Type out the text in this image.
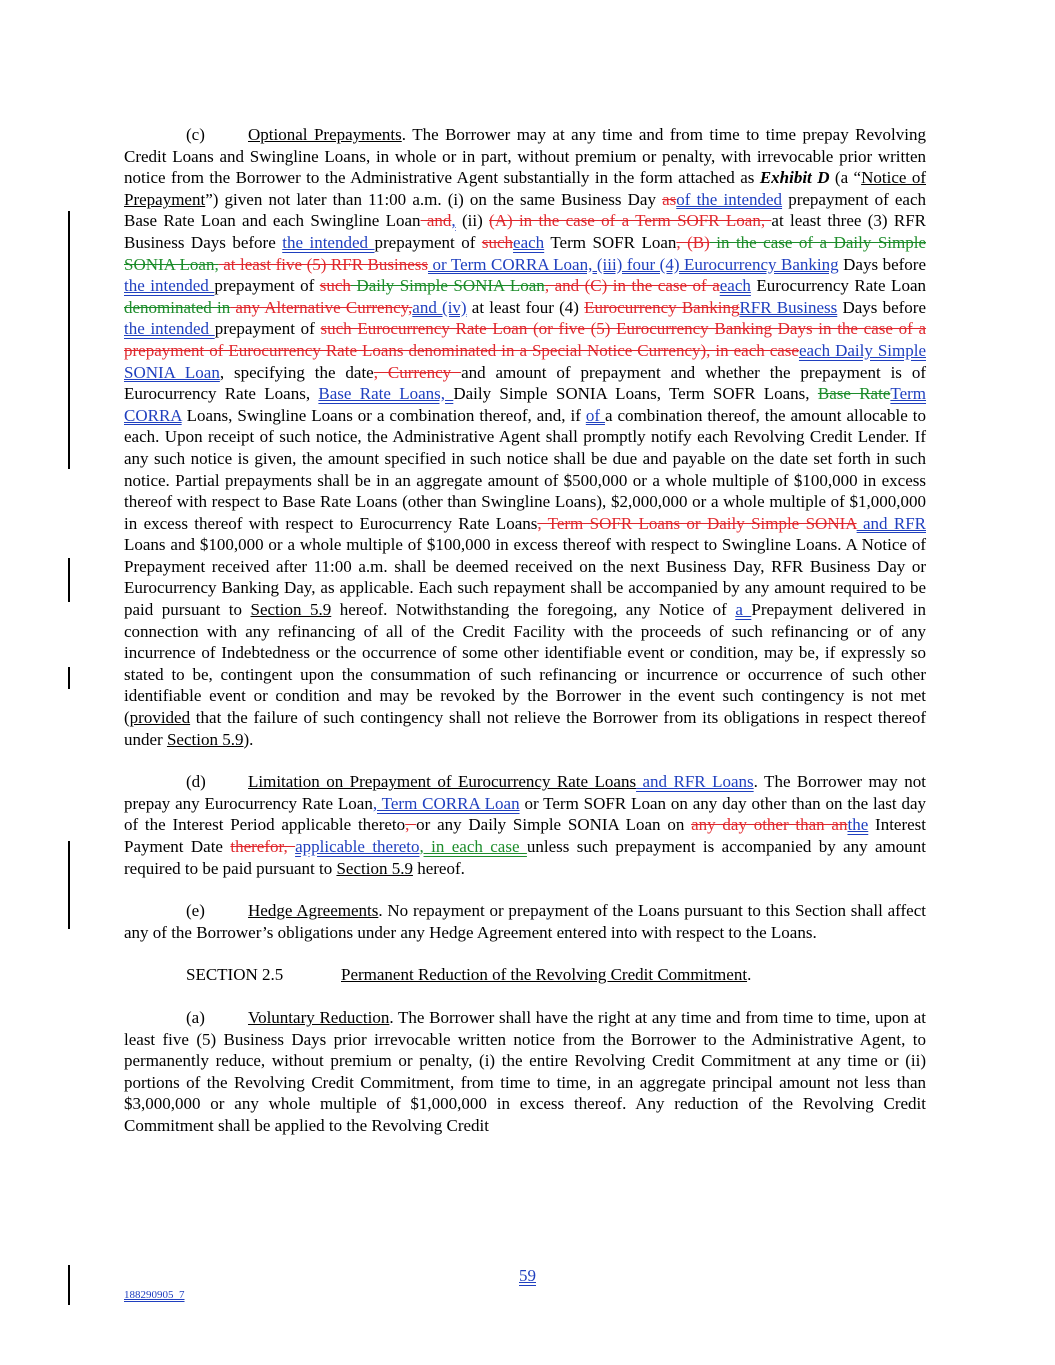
(c)	Optional Prepayments. The Borrower may at any time and from time to time prepay Revolving Credit Loans and Swingline Loans, in whole or in part, without premium or penalty, with irrevocable prior written notice from the Borrower to the Administrative Agent substantially in the form attached as Exhibit D (a “Notice of Prepayment”) given not later than 11:00 a.m. (i) on the same Business Day asof the intended prepayment of each Base Rate Loan and each Swingline Loan and, (ii) (A) in the case of a Term SOFR Loan, at least three (3) RFR Business Days before the intended prepayment of sucheach Term SOFR Loan, (B) in the case of a Daily Simple SONIA Loan, at least five (5) RFR Business or Term CORRA Loan, (iii) four (4) Eurocurrency Banking Days before the intended prepayment of such Daily Simple SONIA Loan, and (C) in the case of aeach Eurocurrency Rate Loan denominated in any Alternative Currency,and (iv) at least four (4) Eurocurrency BankingRFR Business Days before the intended prepayment of such Eurocurrency Rate Loan (or five (5) Eurocurrency Banking Days in the case of a prepayment of Eurocurrency Rate Loans denominated in a Special Notice Currency), in each caseeach Daily Simple SONIA Loan, specifying the date, Currency and amount of prepayment and whether the prepayment is of Eurocurrency Rate Loans, Base Rate Loans, Daily Simple SONIA Loans, Term SOFR Loans, Base RateTerm CORRA Loans, Swingline Loans or a combination thereof, and, if of a combination thereof, the amount allocable to each. Upon receipt of such notice, the Administrative Agent shall promptly notify each Revolving Credit Lender. If any such notice is given, the amount specified in such notice shall be due and payable on the date set forth in such notice. Partial prepayments shall be in an aggregate amount of $500,000 or a whole multiple of $100,000 in excess thereof with respect to Base Rate Loans (other than Swingline Loans), $2,000,000 or a whole multiple of $1,000,000 in excess thereof with respect to Eurocurrency Rate Loans, Term SOFR Loans or Daily Simple SONIA and RFR Loans and $100,000 or a whole multiple of $100,000 in excess thereof with respect to Swingline Loans. A Notice of Prepayment received after 11:00 a.m. shall be deemed received on the next Business Day, RFR Business Day or Eurocurrency Banking Day, as applicable. Each such repayment shall be accompanied by any amount required to be paid pursuant to Section 5.9 hereof. Notwithstanding the foregoing, any Notice of a Prepayment delivered in connection with any refinancing of all of the Credit Facility with the proceeds of such refinancing or of any incurrence of Indebtedness or the occurrence of some other identifiable event or condition, may be, if expressly so stated to be, contingent upon the consummation of such refinancing or incurrence or occurrence of such other identifiable event or condition and may be revoked by the Borrower in the event such contingency is not met (provided that the failure of such contingency shall not relieve the Borrower from its obligations in respect thereof under Section 5.9).

(d) Limitation on Prepayment of Eurocurrency Rate Loans and RFR Loans. The Borrower may not prepay any Eurocurrency Rate Loan, Term CORRA Loan or Term SOFR Loan on any day other than on the last day of the Interest Period applicable thereto, or any Daily Simple SONIA Loan on any day other than anthe Interest Payment Date therefor, applicable thereto, in each case unless such prepayment is accompanied by any amount required to be paid pursuant to Section 5.9 hereof.

(e)	Hedge Agreements. No repayment or prepayment of the Loans pursuant to this Section shall affect any of the Borrower’s obligations under any Hedge Agreement entered into with respect to the Loans.

SECTION 2.5	Permanent Reduction of the Revolving Credit Commitment.

(a)	Voluntary Reduction. The Borrower shall have the right at any time and from time to time, upon at least five (5) Business Days prior irrevocable written notice from the Borrower to the Administrative Agent, to permanently reduce, without premium or penalty, (i) the entire Revolving Credit Commitment at any time or (ii) portions of the Revolving Credit Commitment, from time to time, in an aggregate principal amount not less than $3,000,000 or any whole multiple of $1,000,000 in excess thereof. Any reduction of the Revolving Credit Commitment shall be applied to the Revolving Credit

59
188290905_7
